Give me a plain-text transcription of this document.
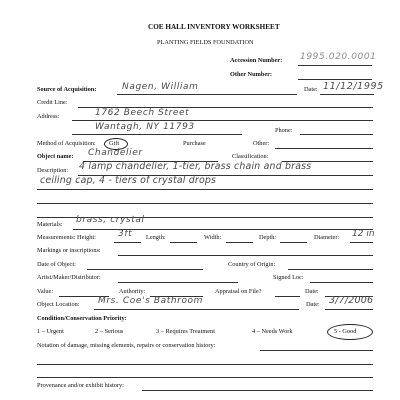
COE HALL INVENTORY WORKSHEET
PLANTING FIELDS FOUNDATION
Accession Number: 1995.020.0001
Other Number:
Source of Acquisition:	Nagen, William	Date: 11/12/1995
Credit Line:
Address:	1762 Beech Street
Wantagh, NY 11793	Phone:
Method of Acquisition: Gift	Purchase	Other:
Object name: Chandelier	Classification:
Description: 4 lamp chandelier, 1-tier, brass chain and brass
ceiling cap, 4 - tiers of crystal drops
Materials: brass, crystal
Measurements: Height: 3ft Length:	Width:	Depth:	Diameter: 12 in
Markings or inscriptions:
Date of Object:	Country of Origin:
Artist/Maker/Distributor:	Signed Loc:
Value:	Authority:	Appraisal on File?	Date:
Object Location: Mrs. Coe's Bathroom	Date: 3/7/2006
Condition/Conservation Priority:
1 – Urgent	2 – Serious	3 – Requires Treatment	4 – Needs Work	5 - Good
Notation of damage, missing elements, repairs or conservation history:
Provenance and/or exhibit history:
